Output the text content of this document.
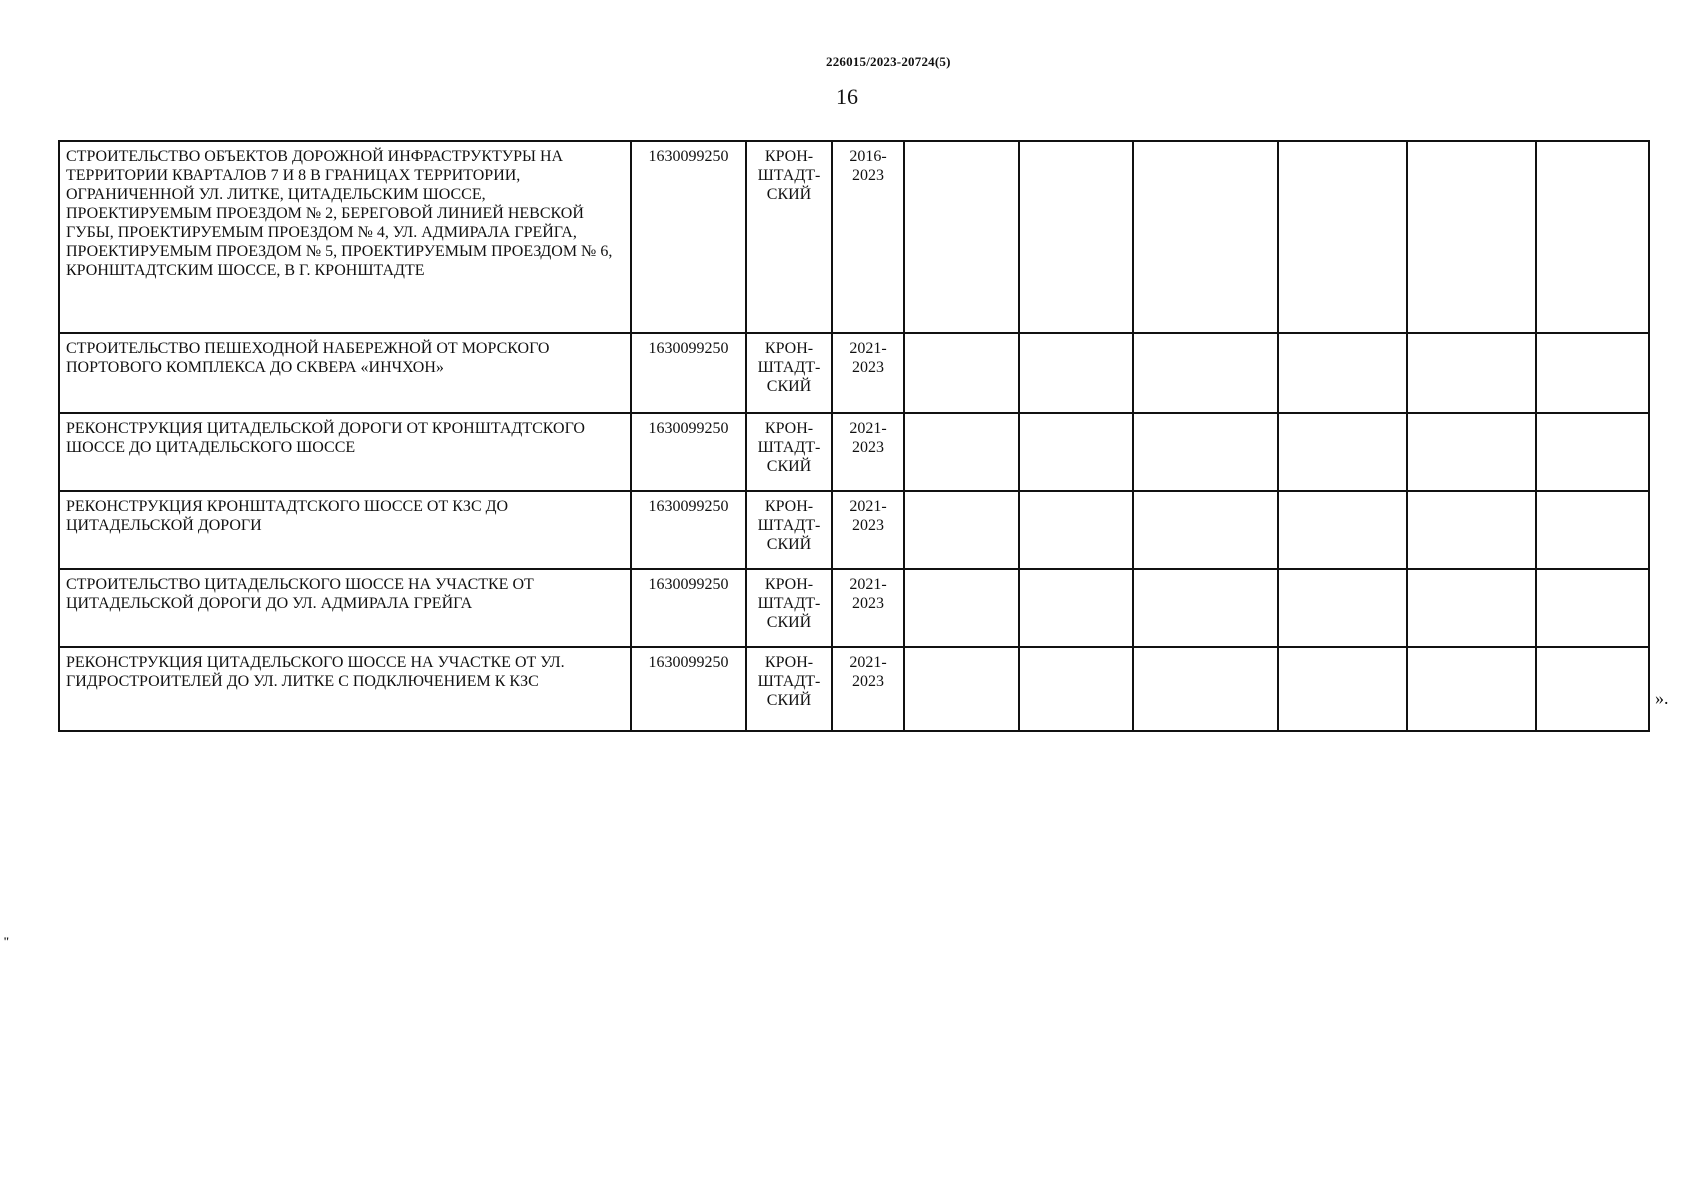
226015/2023-20724(5)
16
СТРОИТЕЛЬСТВО ОБЪЕКТОВ ДОРОЖНОЙ ИНФРАСТРУКТУРЫ НА ТЕРРИТОРИИ КВАРТАЛОВ 7 И 8 В ГРАНИЦАХ ТЕРРИТОРИИ, ОГРАНИЧЕННОЙ УЛ. ЛИТКЕ, ЦИТАДЕЛЬСКИМ ШОССЕ, ПРОЕКТИРУЕМЫМ ПРОЕЗДОМ № 2, БЕРЕГОВОЙ ЛИНИЕЙ НЕВСКОЙ ГУБЫ, ПРОЕКТИРУЕМЫМ ПРОЕЗДОМ № 4, УЛ. АДМИРАЛА ГРЕЙГА, ПРОЕКТИРУЕМЫМ ПРОЕЗДОМ № 5, ПРОЕКТИРУЕМЫМ ПРОЕЗДОМ № 6, КРОНШТАДТСКИМ ШОССЕ, В Г. КРОНШТАДТЕ	1630099250	КРОН-ШТАДТ-СКИЙ	2016-2023						
СТРОИТЕЛЬСТВО ПЕШЕХОДНОЙ НАБЕРЕЖНОЙ ОТ МОРСКОГО ПОРТОВОГО КОМПЛЕКСА ДО СКВЕРА «ИНЧХОН»	1630099250	КРОН-ШТАДТ-СКИЙ	2021-2023						
РЕКОНСТРУКЦИЯ ЦИТАДЕЛЬСКОЙ ДОРОГИ ОТ КРОНШТАДТСКОГО ШОССЕ ДО ЦИТАДЕЛЬСКОГО ШОССЕ	1630099250	КРОН-ШТАДТ-СКИЙ	2021-2023						
РЕКОНСТРУКЦИЯ КРОНШТАДТСКОГО ШОССЕ ОТ КЗС ДО ЦИТАДЕЛЬСКОЙ ДОРОГИ	1630099250	КРОН-ШТАДТ-СКИЙ	2021-2023						
СТРОИТЕЛЬСТВО ЦИТАДЕЛЬСКОГО ШОССЕ НА УЧАСТКЕ ОТ ЦИТАДЕЛЬСКОЙ ДОРОГИ ДО УЛ. АДМИРАЛА ГРЕЙГА	1630099250	КРОН-ШТАДТ-СКИЙ	2021-2023						
РЕКОНСТРУКЦИЯ ЦИТАДЕЛЬСКОГО ШОССЕ НА УЧАСТКЕ ОТ УЛ. ГИДРОСТРОИТЕЛЕЙ ДО УЛ. ЛИТКЕ С ПОДКЛЮЧЕНИЕМ К КЗС	1630099250	КРОН-ШТАДТ-СКИЙ	2021-2023						
».
"
